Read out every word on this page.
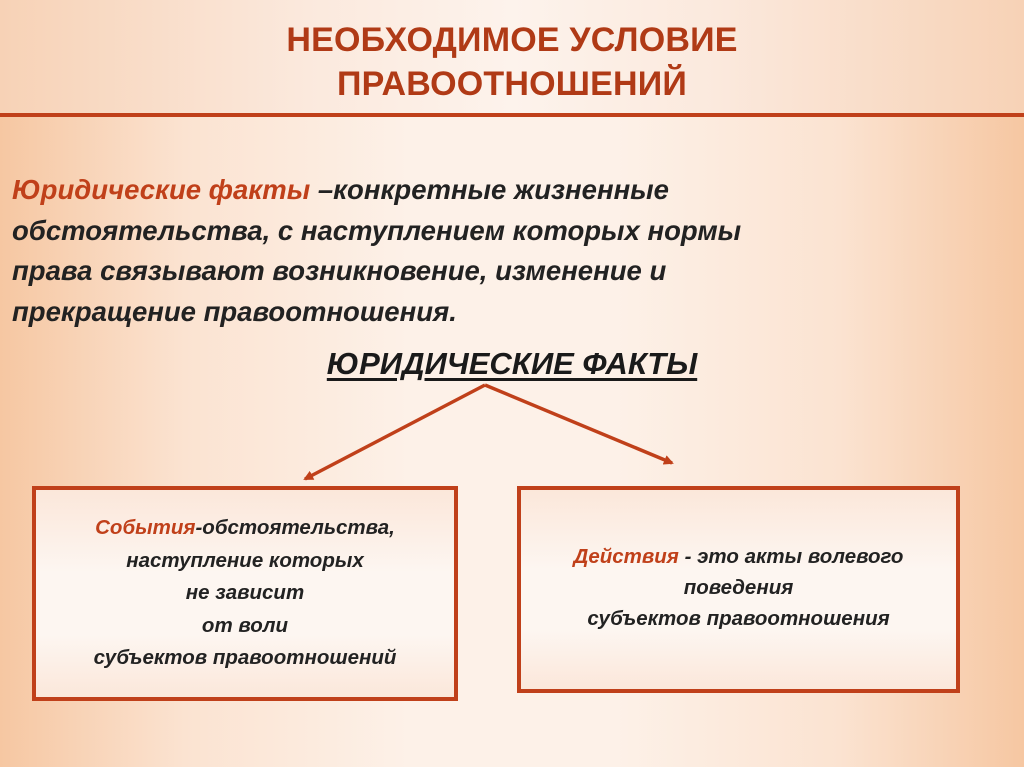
НЕОБХОДИМОЕ УСЛОВИЕ
ПРАВООТНОШЕНИЙ
Юридические факты –конкретные жизненные
обстоятельства, с наступлением которых нормы
права связывают возникновение, изменение и
прекращение правоотношения.
ЮРИДИЧЕСКИЕ ФАКТЫ
События-обстоятельства,
наступление которых
не зависит
от воли
субъектов правоотношений
Действия - это акты волевого
поведения
субъектов правоотношения
